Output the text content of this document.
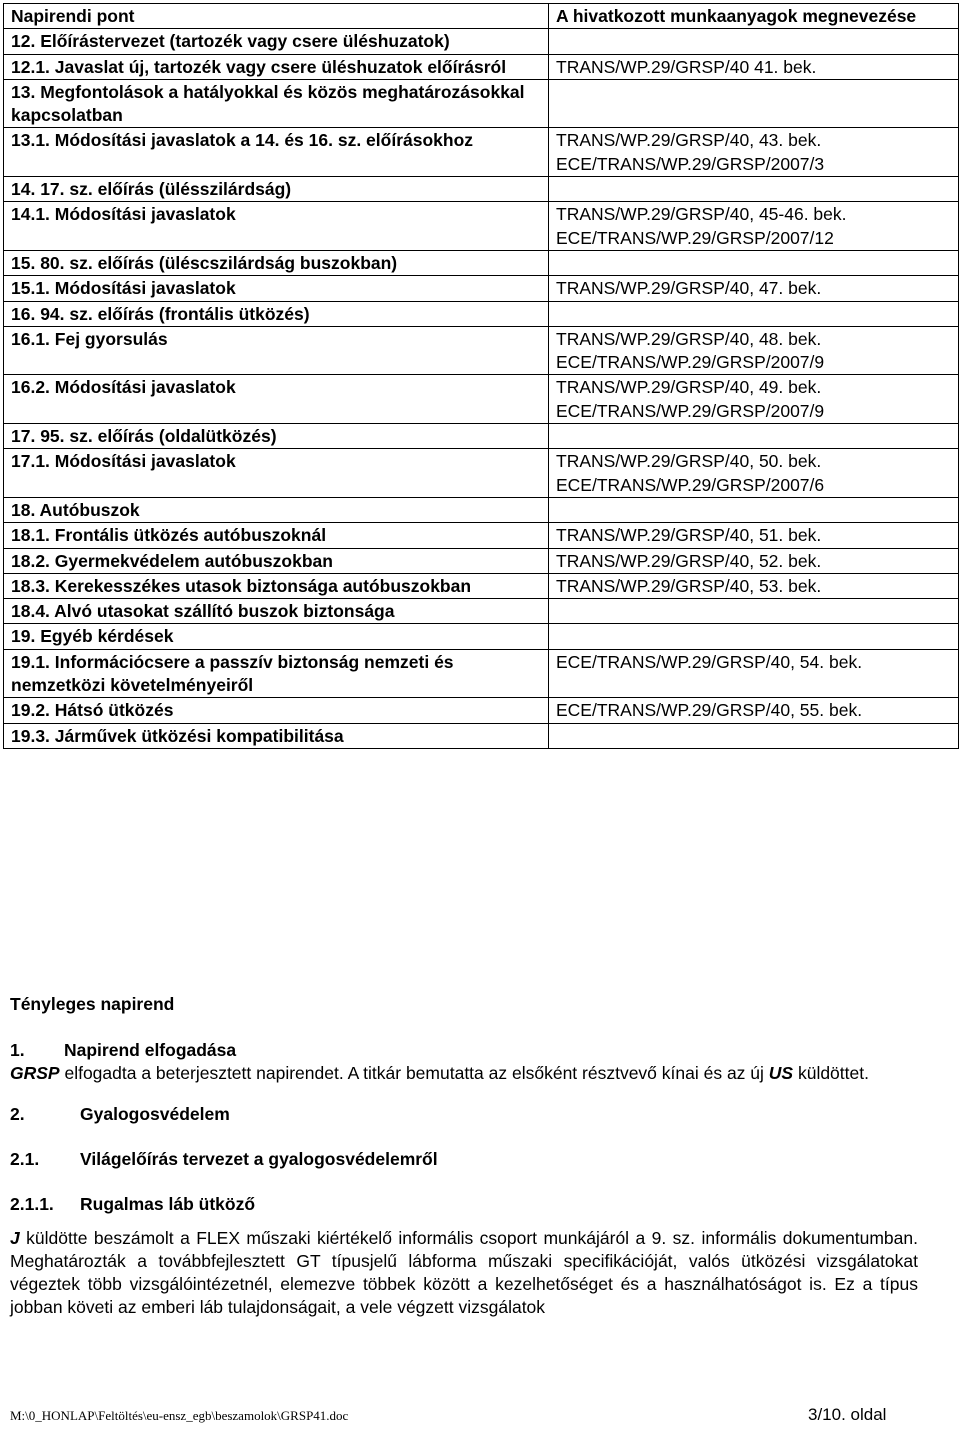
Napirendi pont	A hivatkozott munkaanyagok megnevezése
12. Előírástervezet (tartozék vagy csere üléshuzatok)	
12.1. Javaslat új, tartozék vagy csere üléshuzatok előírásról	TRANS/WP.29/GRSP/40 41. bek.
13. Megfontolások a hatályokkal és közös meghatározásokkal kapcsolatban	
13.1. Módosítási javaslatok a 14. és 16. sz. előírásokhoz	TRANS/WP.29/GRSP/40, 43. bek.
ECE/TRANS/WP.29/GRSP/2007/3
14. 17. sz. előírás (ülésszilárdság)	
14.1. Módosítási javaslatok	TRANS/WP.29/GRSP/40, 45-46. bek.
ECE/TRANS/WP.29/GRSP/2007/12
15. 80. sz. előírás (üléscszilárdság buszokban)	
15.1. Módosítási javaslatok	TRANS/WP.29/GRSP/40, 47. bek.

16. 94. sz. előírás (frontális ütközés)	
16.1. Fej gyorsulás	TRANS/WP.29/GRSP/40, 48. bek.
ECE/TRANS/WP.29/GRSP/2007/9
16.2. Módosítási javaslatok	TRANS/WP.29/GRSP/40, 49. bek.
ECE/TRANS/WP.29/GRSP/2007/9
17. 95. sz. előírás (oldalütközés)

17.1. Módosítási javaslatok	TRANS/WP.29/GRSP/40, 50. bek.
ECE/TRANS/WP.29/GRSP/2007/6
18. Autóbuszok	
18.1. Frontális ütközés autóbuszoknál	TRANS/WP.29/GRSP/40, 51. bek.
18.2. Gyermekvédelem autóbuszokban	TRANS/WP.29/GRSP/40, 52. bek.
18.3. Kerekesszékes utasok biztonsága autóbuszokban	TRANS/WP.29/GRSP/40, 53. bek.
18.4. Alvó utasokat szállító buszok biztonsága

19. Egyéb kérdések	
19.1. Információcsere a passzív biztonság nemzeti és nemzetközi követelményeiről	ECE/TRANS/WP.29/GRSP/40, 54. bek.
19.2. Hátsó ütközés	ECE/TRANS/WP.29/GRSP/40, 55. bek.
19.3. Járművek ütközési kompatibilitása

Tényleges napirend
1. Napirend elfogadása
GRSP elfogadta a beterjesztett napirendet. A titkár bemutatta az elsőként résztvevő kínai és az új US küldöttet.
2.	Gyalogosvédelem
2.1. Világelőírás tervezet a gyalogosvédelemről
2.1.1. Rugalmas láb ütköző
J küldötte beszámolt a FLEX műszaki kiértékelő informális csoport munkájáról a 9. sz. informális dokumentumban. Meghatározták a továbbfejlesztett GT típusjelű lábforma műszaki specifikációját, valós ütközési vizsgálatokat végeztek több vizsgálóintézetnél, elemezve többek között a kezelhetőséget és a használhatóságot is. Ez a típus jobban követi az emberi láb tulajdonságait, a vele végzett vizsgálatok
M:\0_HONLAP\Feltöltés\eu-ensz_egb\beszamolok\GRSP41.doc	3/10. oldal
